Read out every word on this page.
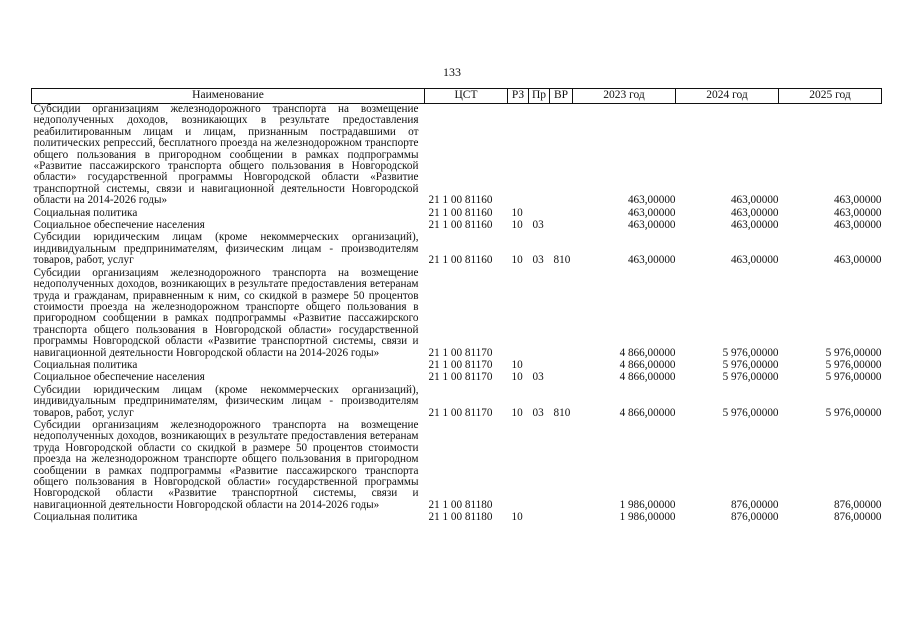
133
Наименование	ЦСТ	РЗ	Пр	ВР	2023 год	2024 год	2025 год
Субсидии организациям железнодорожного транспорта на возмещение недополученных доходов, возникающих в результате предоставления реабилитированным лицам и лицам, признанным пострадавшими от политических репрессий, бесплатного проезда на железнодорожном транспорте общего пользования в пригородном сообщении в рамках подпрограммы «Развитие пассажирского транспорта общего пользования в Новгородской области» государственной программы Новгородской области «Развитие транспортной системы, связи и навигационной деятельности Новгородской области на 2014-2026 годы»	21 1 00 81160				463,00000	463,00000	463,00000
Социальная политика	21 1 00 81160	10			463,00000	463,00000	463,00000
Социальное обеспечение населения	21 1 00 81160	10	03		463,00000	463,00000	463,00000
Субсидии юридическим лицам (кроме некоммерческих организаций), индивидуальным предпринимателям, физическим лицам - производителям товаров, работ, услуг	21 1 00 81160	10	03	810	463,00000	463,00000	463,00000
Субсидии организациям железнодорожного транспорта на возмещение недополученных доходов, возникающих в результате предоставления ветеранам труда и гражданам, приравненным к ним, со скидкой в размере 50 процентов стоимости проезда на железнодорожном транспорте общего пользования в пригородном сообщении в рамках подпрограммы «Развитие пассажирского транспорта общего пользования в Новгородской области» государственной программы Новгородской области «Развитие транспортной системы, связи и навигационной деятельности Новгородской области на 2014-2026 годы»	21 1 00 81170				4 866,00000	5 976,00000	5 976,00000
Социальная политика	21 1 00 81170	10			4 866,00000	5 976,00000	5 976,00000
Социальное обеспечение населения	21 1 00 81170	10	03		4 866,00000	5 976,00000	5 976,00000
Субсидии юридическим лицам (кроме некоммерческих организаций), индивидуальным предпринимателям, физическим лицам - производителям товаров, работ, услуг	21 1 00 81170	10	03	810	4 866,00000	5 976,00000	5 976,00000
Субсидии организациям железнодорожного транспорта на возмещение недополученных доходов, возникающих в результате предоставления ветеранам труда Новгородской области со скидкой в размере 50 процентов стоимости проезда на железнодорожном транспорте общего пользования в пригородном сообщении в рамках подпрограммы «Развитие пассажирского транспорта общего пользования в Новгородской области» государственной программы Новгородской области «Развитие транспортной системы, связи и навигационной деятельности Новгородской области на 2014-2026 годы»	21 1 00 81180				1 986,00000	876,00000	876,00000
Социальная политика	21 1 00 81180	10			1 986,00000	876,00000	876,00000
